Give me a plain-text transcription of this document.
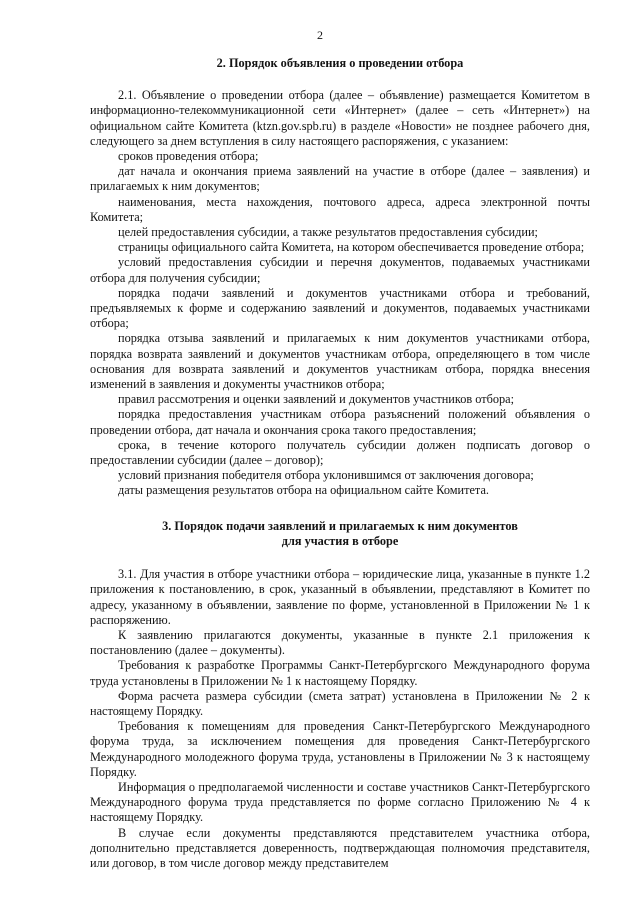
2
2. Порядок объявления о проведении отбора

2.1. Объявление о проведении отбора (далее – объявление) размещается Комитетом в информационно-телекоммуникационной сети «Интернет» (далее – сеть «Интернет») на официальном сайте Комитета (ktzn.gov.spb.ru) в разделе «Новости» не позднее рабочего дня, следующего за днем вступления в силу настоящего распоряжения, с указанием:

сроков проведения отбора;

дат начала и окончания приема заявлений на участие в отборе (далее – заявления) и прилагаемых к ним документов;

наименования, места нахождения, почтового адреса, адреса электронной почты Комитета;

целей предоставления субсидии, а также результатов предоставления субсидии;

страницы официального сайта Комитета, на котором обеспечивается проведение отбора;

условий предоставления субсидии и перечня документов, подаваемых участниками отбора для получения субсидии;

порядка подачи заявлений и документов участниками отбора и требований, предъявляемых к форме и содержанию заявлений и документов, подаваемых участниками отбора;

порядка отзыва заявлений и прилагаемых к ним документов участниками отбора, порядка возврата заявлений и документов участникам отбора, определяющего в том числе основания для возврата заявлений и документов участникам отбора, порядка внесения изменений в заявления и документы участников отбора;

правил рассмотрения и оценки заявлений и документов участников отбора;

порядка предоставления участникам отбора разъяснений положений объявления о проведении отбора, дат начала и окончания срока такого предоставления;

срока, в течение которого получатель субсидии должен подписать договор о предоставлении субсидии (далее – договор);

условий признания победителя отбора уклонившимся от заключения договора;

даты размещения результатов отбора на официальном сайте Комитета.

3. Порядок подачи заявлений и прилагаемых к ним документов
для участия в отборе

3.1. Для участия в отборе участники отбора – юридические лица, указанные в пункте 1.2 приложения к постановлению, в срок, указанный в объявлении, представляют в Комитет по адресу, указанному в объявлении, заявление по форме, установленной в Приложении № 1 к распоряжению.

К заявлению прилагаются документы, указанные в пункте 2.1 приложения к постановлению (далее – документы).

Требования к разработке Программы Санкт-Петербургского Международного форума труда установлены в Приложении № 1 к настоящему Порядку.

Форма расчета размера субсидии (смета затрат) установлена в Приложении № 2 к настоящему Порядку.

Требования к помещениям для проведения Санкт-Петербургского Международного форума труда, за исключением помещения для проведения Санкт-Петербургского Международного молодежного форума труда, установлены в Приложении № 3 к настоящему Порядку.

Информация о предполагаемой численности и составе участников Санкт-Петербургского Международного форума труда представляется по форме согласно Приложению № 4 к настоящему Порядку.

В случае если документы представляются представителем участника отбора, дополнительно представляется доверенность, подтверждающая полномочия представителя, или договор, в том числе договор между представителем
